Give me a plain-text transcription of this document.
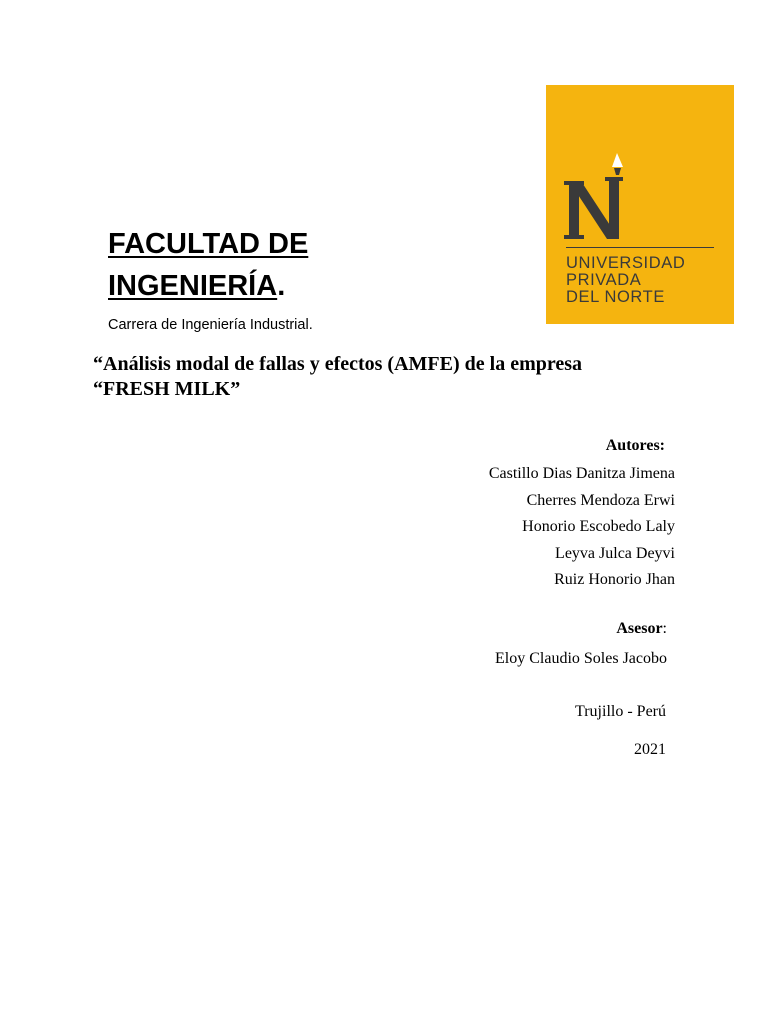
UNIVERSIDAD
PRIVADA
DEL NORTE
FACULTAD DE
INGENIERÍA.
Carrera de Ingeniería Industrial.
“Análisis modal de fallas y efectos (AMFE) de la empresa
“FRESH MILK”
Autores:
Castillo Dias Danitza Jimena
Cherres Mendoza Erwi
Honorio Escobedo Laly
Leyva Julca Deyvi
Ruiz Honorio Jhan
Asesor:
Eloy Claudio Soles Jacobo
Trujillo - Perú
2021
